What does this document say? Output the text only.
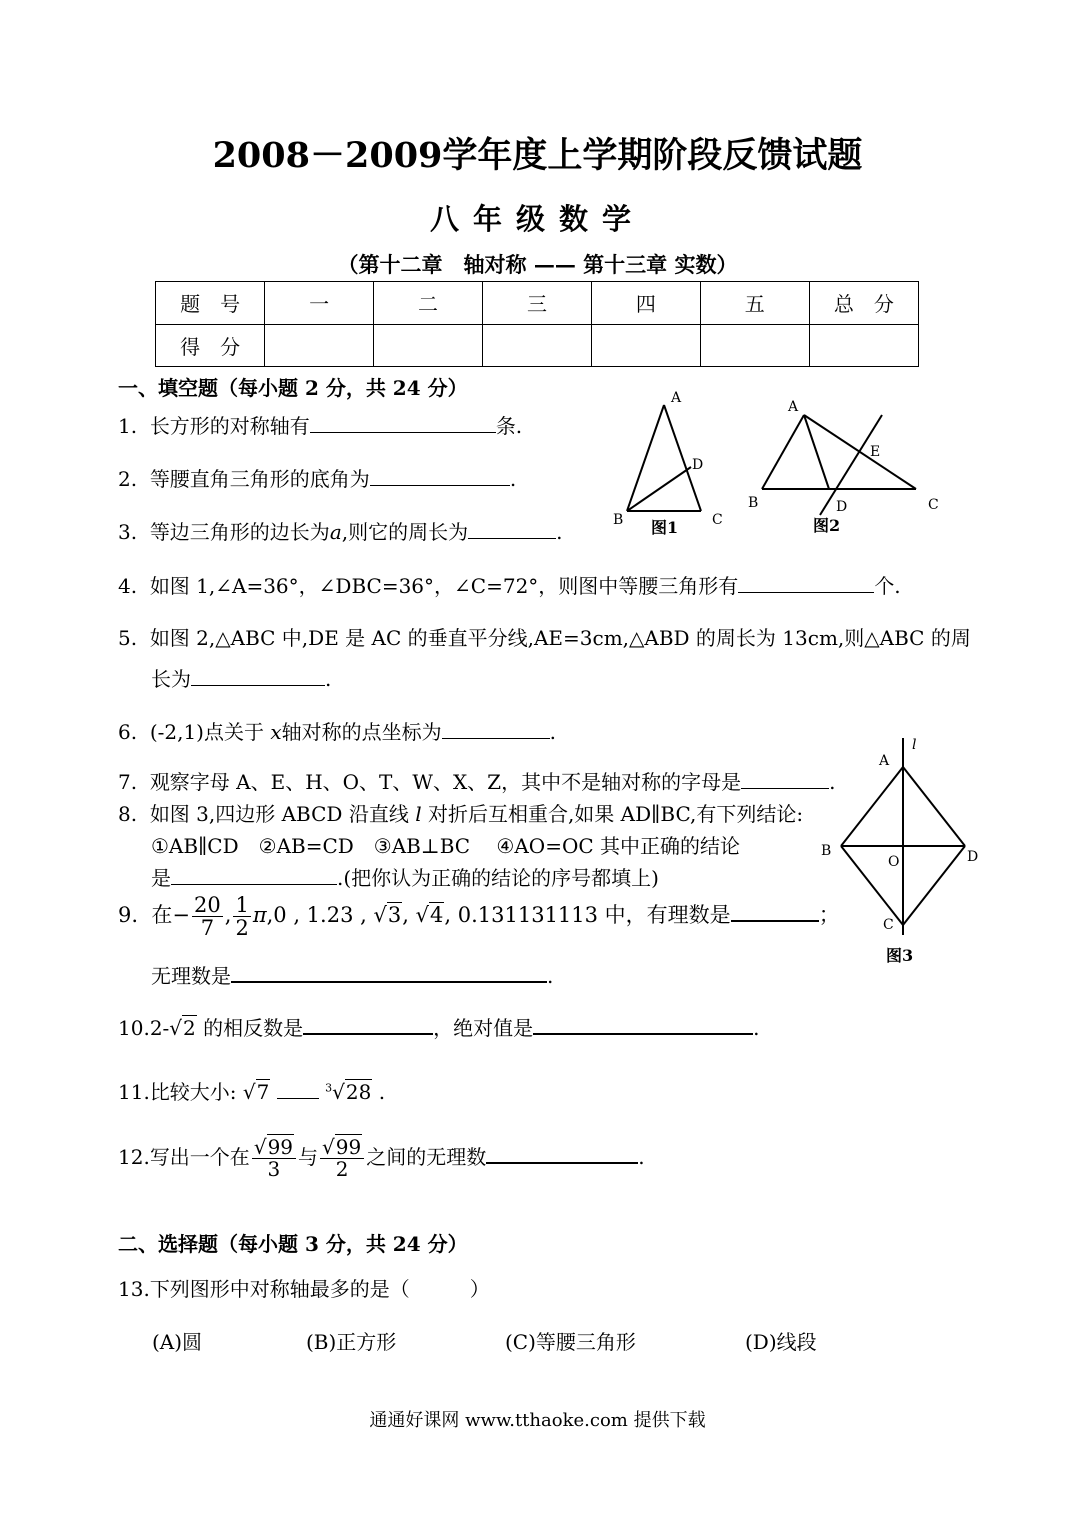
2008－2009学年度上学期阶段反馈试题
八年级数学
（第十二章　轴对称 —— 第十三章 实数）
题　号	一	二	三	四	五	总　分
得　分						
一、填空题（每小题 2 分，共 24 分）
1. 长方形的对称轴有	条.
2. 等腰直角三角形的底角为	.
3. 等边三角形的边长为a,则它的周长为	.
4. 如图 1,∠A=36°，∠DBC=36°，∠C=72°，则图中等腰三角形有	个.
5. 如图 2,△ABC 中,DE 是 AC 的垂直平分线,AE=3cm,△ABD 的周长为 13cm,则△ABC 的周
长为	.
6. (-2,1)点关于 x轴对称的点坐标为	.
7. 观察字母 A、E、H、O、T、W、X、Z，其中不是轴对称的字母是	.
8. 如图 3,四边形 ABCD 沿直线 l 对折后互相重合,如果 AD∥BC,有下列结论:
①AB∥CD　②AB=CD　③AB⊥BC　 ④AO=OC 其中正确的结论
是	.(把你认为正确的结论的序号都填上)
9. 在− $\frac{20}{7}$ , $\frac{1}{2} \pi,0$ , 1.23 , √3, √4, 0.131131113 中，有理数是	；
无理数是	.
10.2-√2 的相反数是	，绝对值是	.
11.比较大小: √7	$^3$√28 .
12.写出一个在 $\frac{√99}{3}$ 与 $\frac{√99}{2}$ 之间的无理数	.
二、选择题（每小题 3 分，共 24 分）
13.下列图形中对称轴最多的是（　　　）
(A)圆	(B)正方形	(C)等腰三角形	(D)线段
A
B	C
D
图1
A
B	C
D
E
图2
A
B
C
D
O
l
图3
通通好课网 www.tthaoke.com 提供下载
